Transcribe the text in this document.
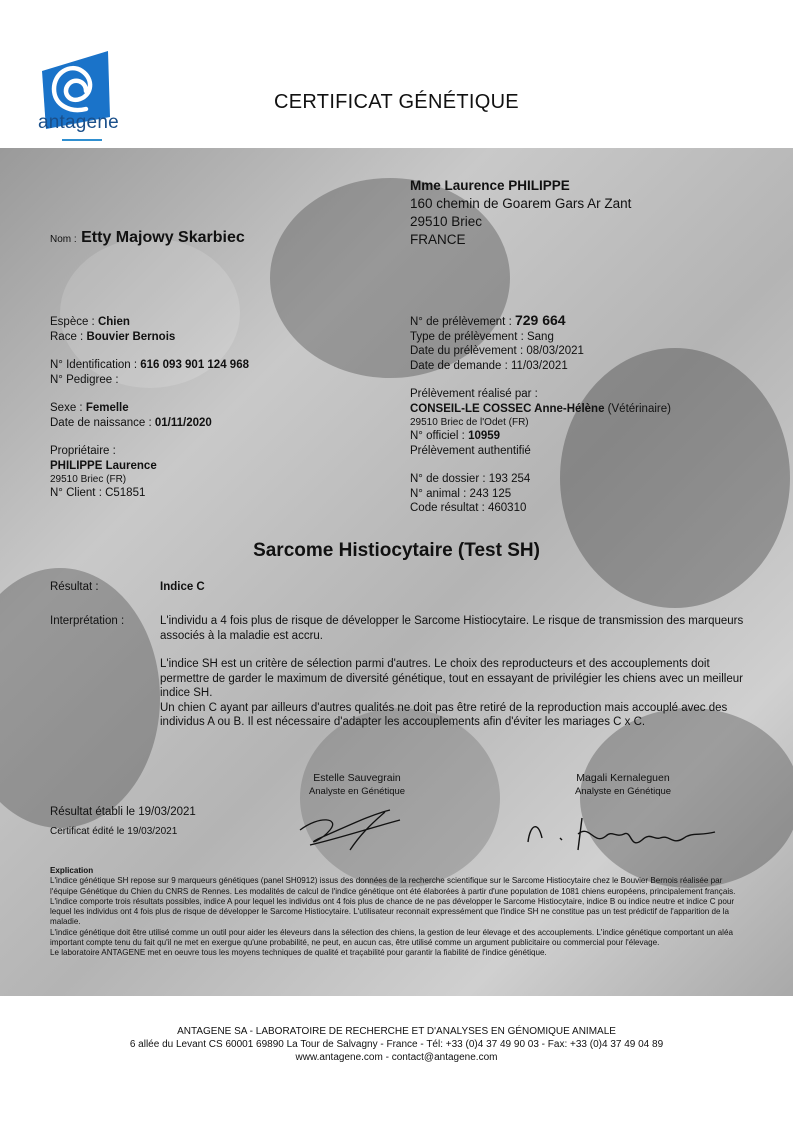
antagene
CERTIFICAT GÉNÉTIQUE
Nom : Etty Majowy Skarbiec
Mme Laurence PHILIPPE
160 chemin de Goarem Gars Ar Zant
29510 Briec
FRANCE
Espèce : Chien
Race : Bouvier Bernois
N° Identification : 616 093 901 124 968
N° Pedigree :
Sexe : Femelle
Date de naissance : 01/11/2020
Propriétaire :
PHILIPPE Laurence
29510 Briec (FR)
N° Client : C51851
N° de prélèvement : 729 664
Type de prélèvement : Sang
Date du prélèvement : 08/03/2021
Date de demande : 11/03/2021
Prélèvement réalisé par :
CONSEIL-LE COSSEC Anne-Hélène (Vétérinaire)
29510 Briec de l'Odet (FR)
N° officiel : 10959
Prélèvement authentifié
N° de dossier : 193 254
N° animal : 243 125
Code résultat : 460310
Sarcome Histiocytaire (Test SH)
Résultat :	Indice C
Interprétation :	L'individu a 4 fois plus de risque de développer le Sarcome Histiocytaire. Le risque de transmission des marqueurs associés à la maladie est accru.
L'indice SH est un critère de sélection parmi d'autres. Le choix des reproducteurs et des accouplements doit permettre de garder le maximum de diversité génétique, tout en essayant de privilégier les chiens avec un meilleur indice SH.
Un chien C ayant par ailleurs d'autres qualités ne doit pas être retiré de la reproduction mais accouplé avec des individus A ou B. Il est nécessaire d'adapter les accouplements afin d'éviter les mariages C x C.
Estelle Sauvegrain
Analyste en Génétique
Magali Kernaleguen
Analyste en Génétique
Résultat établi le 19/03/2021
Certificat édité le 19/03/2021
Explication
L'indice génétique SH repose sur 9 marqueurs génétiques (panel SH0912) issus des données de la recherche scientifique sur le Sarcome Histiocytaire chez le Bouvier Bernois réalisée par l'équipe Génétique du Chien du CNRS de Rennes. Les modalités de calcul de l'indice génétique ont été élaborées à partir d'une population de 1081 chiens européens, principalement français. L'indice comporte trois résultats possibles, indice A pour lequel les individus ont 4 fois plus de chance de ne pas développer le Sarcome Histiocytaire, indice B ou indice neutre et indice C pour lequel les individus ont 4 fois plus de risque de développer le Sarcome Histiocytaire. L'utilisateur reconnait expressément que l'indice SH ne constitue pas un test prédictif de l'apparition de la maladie.
L'indice génétique doit être utilisé comme un outil pour aider les éleveurs dans la sélection des chiens, la gestion de leur élevage et des accouplements. L'indice génétique comportant un aléa important compte tenu du fait qu'il ne met en exergue qu'une probabilité, ne peut, en aucun cas, être utilisé comme un argument publicitaire ou commercial pour l'élevage.
Le laboratoire ANTAGENE met en oeuvre tous les moyens techniques de qualité et traçabilité pour garantir la fiabilité de l'indice génétique.
ANTAGENE SA - LABORATOIRE DE RECHERCHE ET D'ANALYSES EN GÉNOMIQUE ANIMALE
6 allée du Levant CS 60001 69890 La Tour de Salvagny - France - Tél: +33 (0)4 37 49 90 03 - Fax: +33 (0)4 37 49 04 89
www.antagene.com - contact@antagene.com
